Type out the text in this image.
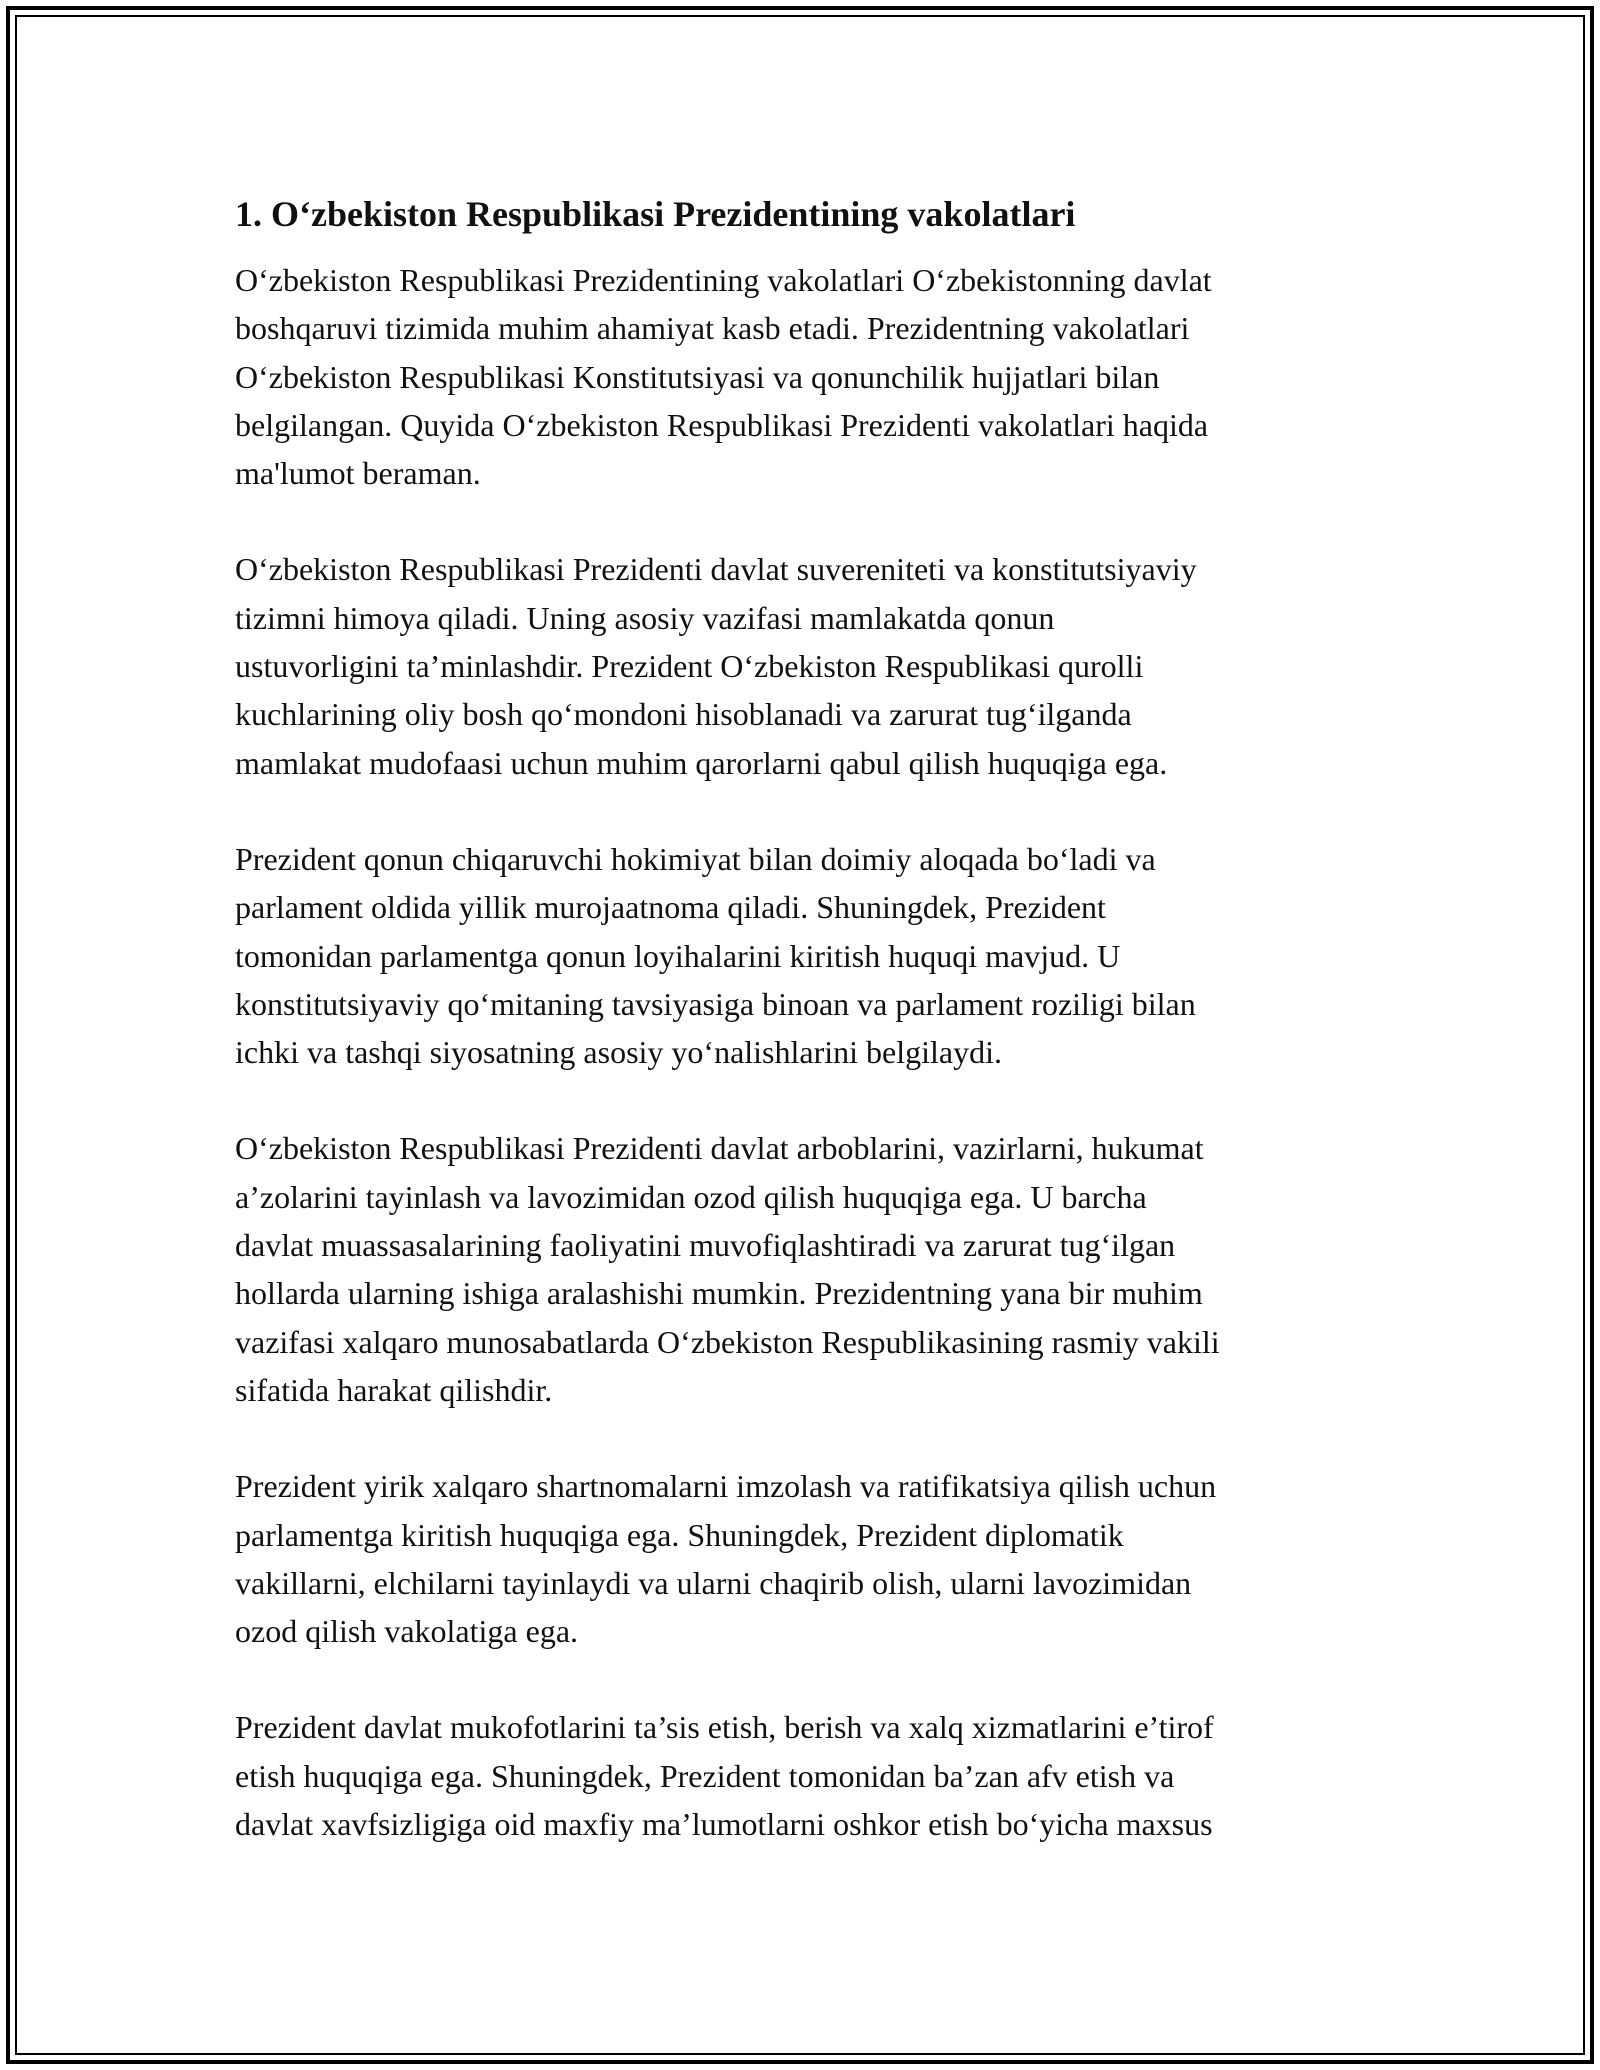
1. O‘zbekiston Respublikasi Prezidentining vakolatlari

O‘zbekiston Respublikasi Prezidentining vakolatlari O‘zbekistonning davlat
boshqaruvi tizimida muhim ahamiyat kasb etadi. Prezidentning vakolatlari
O‘zbekiston Respublikasi Konstitutsiyasi va qonunchilik hujjatlari bilan
belgilangan. Quyida O‘zbekiston Respublikasi Prezidenti vakolatlari haqida
ma'lumot beraman.

O‘zbekiston Respublikasi Prezidenti davlat suvereniteti va konstitutsiyaviy
tizimni himoya qiladi. Uning asosiy vazifasi mamlakatda qonun
ustuvorligini ta’minlashdir. Prezident O‘zbekiston Respublikasi qurolli
kuchlarining oliy bosh qo‘mondoni hisoblanadi va zarurat tug‘ilganda
mamlakat mudofaasi uchun muhim qarorlarni qabul qilish huquqiga ega.

Prezident qonun chiqaruvchi hokimiyat bilan doimiy aloqada bo‘ladi va
parlament oldida yillik murojaatnoma qiladi. Shuningdek, Prezident
tomonidan parlamentga qonun loyihalarini kiritish huquqi mavjud. U
konstitutsiyaviy qo‘mitaning tavsiyasiga binoan va parlament roziligi bilan
ichki va tashqi siyosatning asosiy yo‘nalishlarini belgilaydi.

O‘zbekiston Respublikasi Prezidenti davlat arboblarini, vazirlarni, hukumat
a’zolarini tayinlash va lavozimidan ozod qilish huquqiga ega. U barcha
davlat muassasalarining faoliyatini muvofiqlashtiradi va zarurat tug‘ilgan
hollarda ularning ishiga aralashishi mumkin. Prezidentning yana bir muhim
vazifasi xalqaro munosabatlarda O‘zbekiston Respublikasining rasmiy vakili
sifatida harakat qilishdir.

Prezident yirik xalqaro shartnomalarni imzolash va ratifikatsiya qilish uchun
parlamentga kiritish huquqiga ega. Shuningdek, Prezident diplomatik
vakillarni, elchilarni tayinlaydi va ularni chaqirib olish, ularni lavozimidan
ozod qilish vakolatiga ega.

Prezident davlat mukofotlarini ta’sis etish, berish va xalq xizmatlarini e’tirof
etish huquqiga ega. Shuningdek, Prezident tomonidan ba’zan afv etish va
davlat xavfsizligiga oid maxfiy ma’lumotlarni oshkor etish bo‘yicha maxsus
